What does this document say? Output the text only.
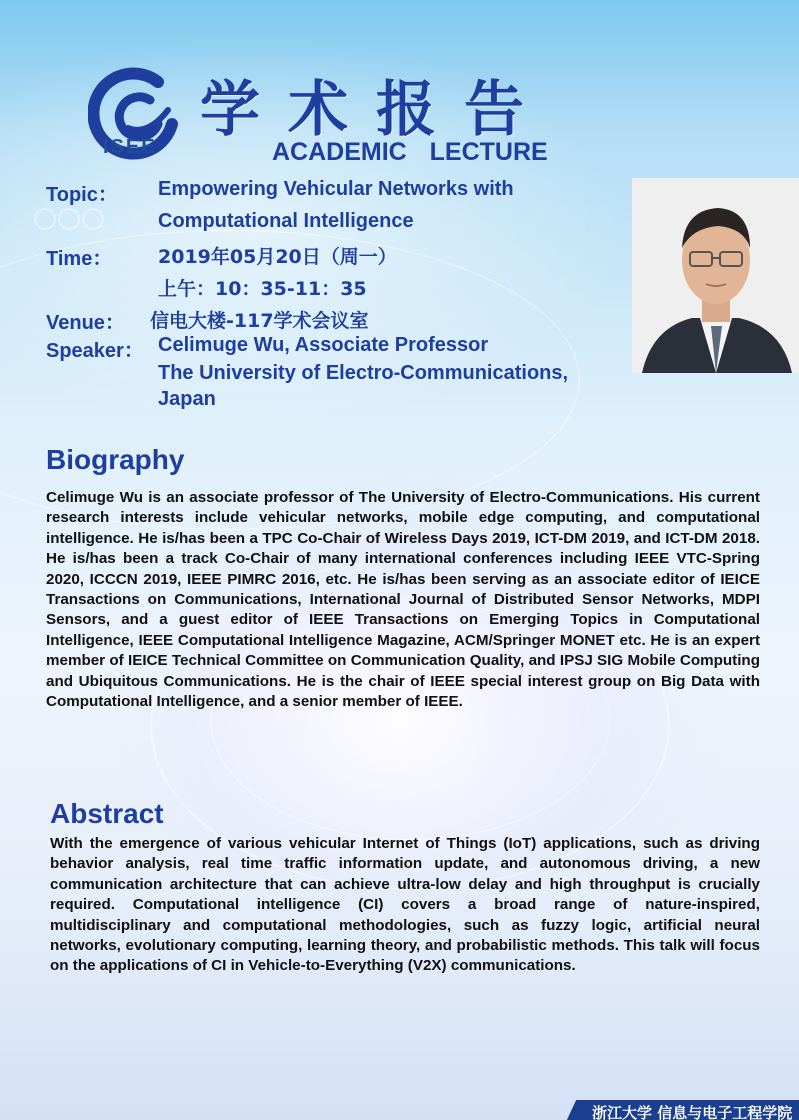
ISEE
学术报告
ACADEMIC LECTURE
Topic： Empowering Vehicular Networks with
Computational Intelligence
Time： 2019年05月20日（周一）
上午：10：35-11：35
Venue： 信电大楼-117学术会议室
Speaker： Celimuge Wu, Associate Professor
The University of Electro-Communications,
Japan
Biography
Celimuge Wu is an associate professor of The University of Electro-Communications. His current research interests include vehicular networks, mobile edge computing, and computational intelligence. He is/has been a TPC Co-Chair of Wireless Days 2019, ICT-DM 2019, and ICT-DM 2018. He is/has been a track Co-Chair of many international conferences including IEEE VTC-Spring 2020, ICCCN 2019, IEEE PIMRC 2016, etc. He is/has been serving as an associate editor of IEICE Transactions on Communications, International Journal of Distributed Sensor Networks, MDPI Sensors, and a guest editor of IEEE Transactions on Emerging Topics in Computational Intelligence, IEEE Computational Intelligence Magazine, ACM/Springer MONET etc. He is an expert member of IEICE Technical Committee on Communication Quality, and IPSJ SIG Mobile Computing and Ubiquitous Communications. He is the chair of IEEE special interest group on Big Data with Computational Intelligence, and a senior member of IEEE.
Abstract
With the emergence of various vehicular Internet of Things (IoT) applications, such as driving behavior analysis, real time traffic information update, and autonomous driving, a new communication architecture that can achieve ultra-low delay and high throughput is crucially required. Computational intelligence (CI) covers a broad range of nature-inspired, multidisciplinary and computational methodologies, such as fuzzy logic, artificial neural networks, evolutionary computing, learning theory, and probabilistic methods. This talk will focus on the applications of CI in Vehicle-to-Everything (V2X) communications.
浙江大学 信息与电子工程学院
